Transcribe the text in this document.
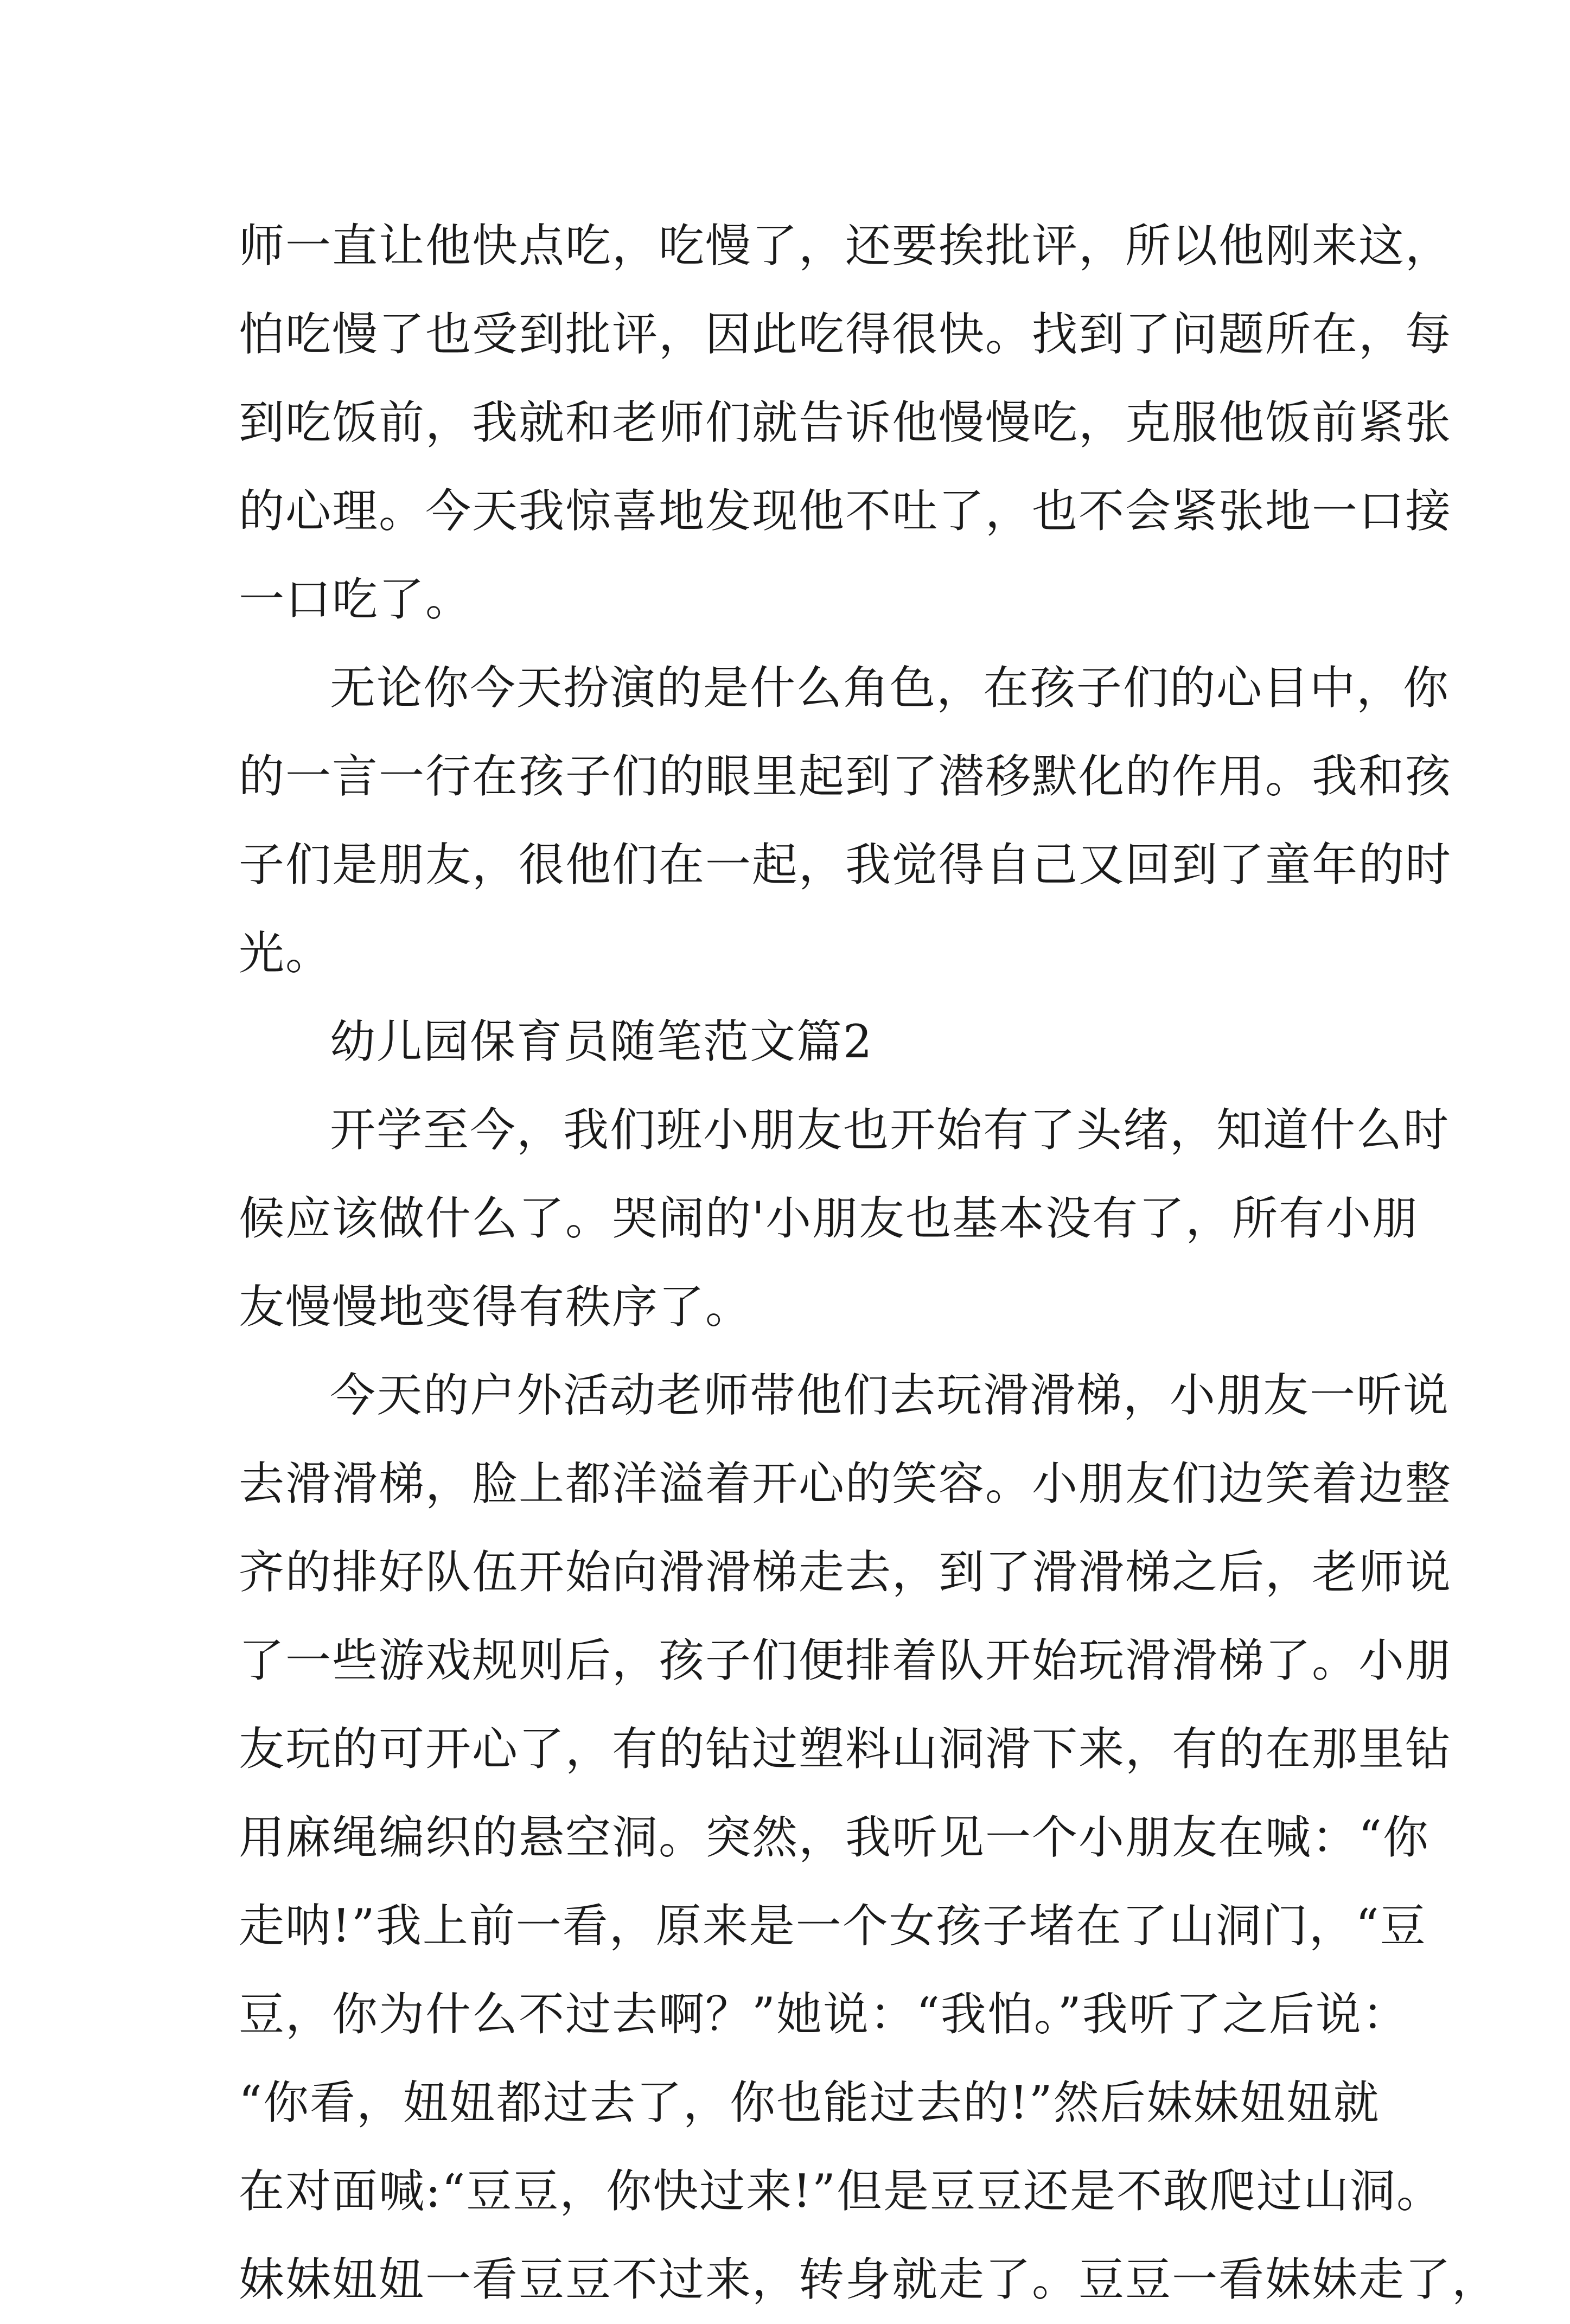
师一直让他快点吃，吃慢了，还要挨批评，所以他刚来这，
怕吃慢了也受到批评，因此吃得很快。找到了问题所在，每
到吃饭前，我就和老师们就告诉他慢慢吃，克服他饭前紧张
的心理。今天我惊喜地发现他不吐了，也不会紧张地一口接
一口吃了。
无论你今天扮演的是什么角色，在孩子们的心目中，你
的一言一行在孩子们的眼里起到了潜移默化的作用。我和孩
子们是朋友，很他们在一起，我觉得自己又回到了童年的时
光。
幼儿园保育员随笔范文篇2
开学至今，我们班小朋友也开始有了头绪，知道什么时
候应该做什么了。哭闹的'小朋友也基本没有了，所有小朋
友慢慢地变得有秩序了。
今天的户外活动老师带他们去玩滑滑梯，小朋友一听说
去滑滑梯，脸上都洋溢着开心的笑容。小朋友们边笑着边整
齐的排好队伍开始向滑滑梯走去，到了滑滑梯之后，老师说
了一些游戏规则后，孩子们便排着队开始玩滑滑梯了。小朋
友玩的可开心了，有的钻过塑料山洞滑下来，有的在那里钻
用麻绳编织的悬空洞。突然，我听见一个小朋友在喊：“你
走呐!”我上前一看，原来是一个女孩子堵在了山洞门，“豆
豆，你为什么不过去啊？”她说：“我怕。”我听了之后说：
“你看，妞妞都过去了，你也能过去的!”然后妹妹妞妞就
在对面喊:“豆豆，你快过来!”但是豆豆还是不敢爬过山洞。
妹妹妞妞一看豆豆不过来，转身就走了。豆豆一看妹妹走了，
